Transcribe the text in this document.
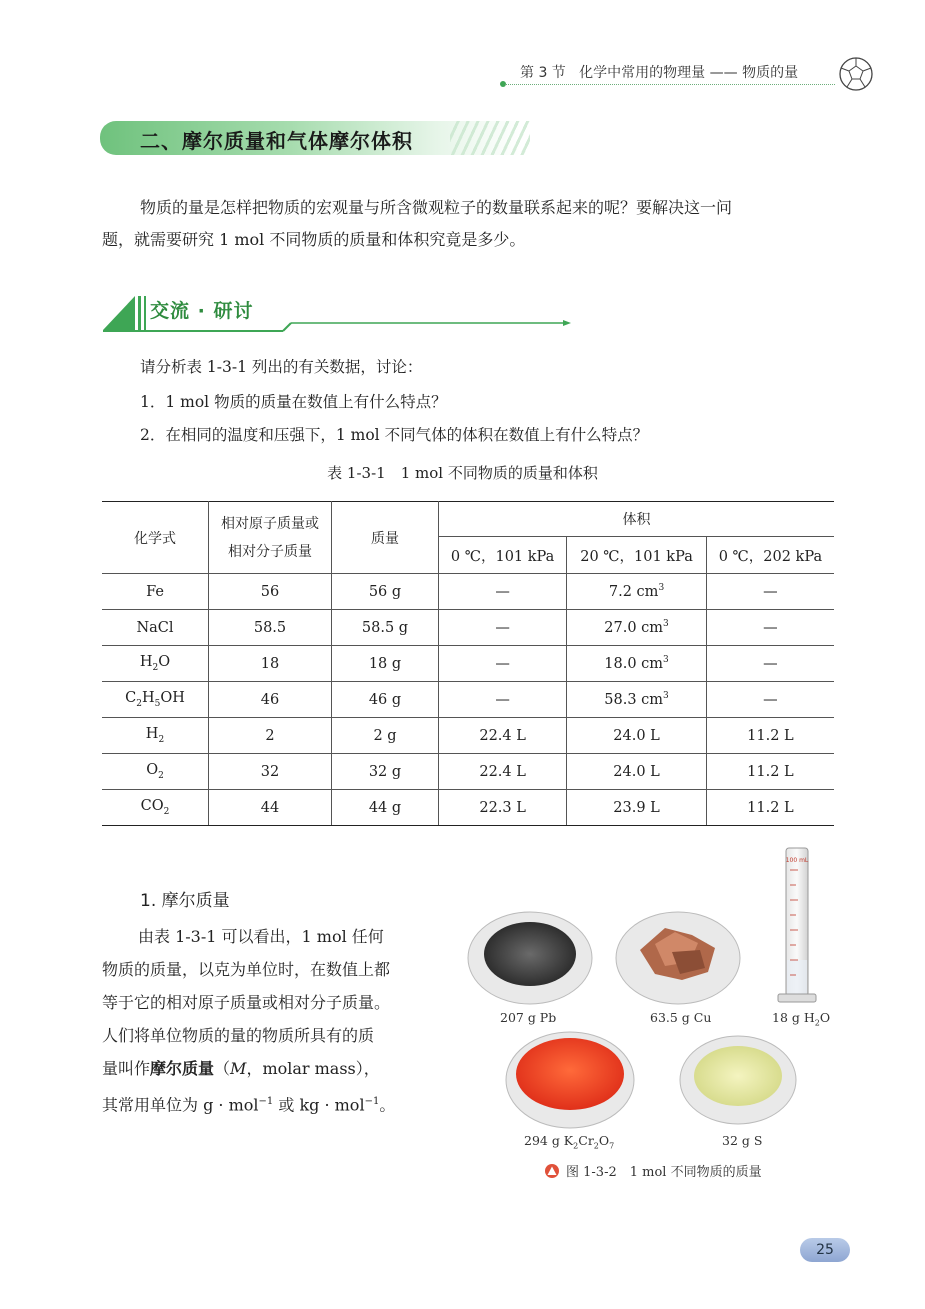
第 3 节 化学中常用的物理量 —— 物质的量
二、摩尔质量和气体摩尔体积

物质的量是怎样把物质的宏观量与所含微观粒子的数量联系起来的呢？要解决这一问

题，就需要研究 1 mol 不同物质的质量和体积究竟是多少。

交流 · 研讨
请分析表 1-3-1 列出的有关数据，讨论：
1．1 mol 物质的质量在数值上有什么特点？
2．在相同的温度和压强下，1 mol 不同气体的体积在数值上有什么特点？
表 1-3-1　1 mol 不同物质的质量和体积
化学式	相对原子质量或
相对分子质量	质量	体积		
			0 ℃，101 kPa	20 ℃，101 kPa	0 ℃，202 kPa
Fe	56	56 g	—	7.2 $cm^3$	—
NaCl	58.5	58.5 g	—	27.0 $cm^3$	—
$H_2O$	18	18 g	—	18.0 $cm^3$	—
$C_2H_5OH$	46	46 g	—	58.3 $cm^3$	—
$H_2$	2	2 g	22.4 L	24.0 L	11.2 L
$O_2$	32	32 g	22.4 L	24.0 L	11.2 L
$CO_2$	44	44 g	22.3 L	23.9 L	11.2 L
1. 摩尔质量

由表 1-3-1 可以看出，1 mol 任何

物质的质量，以克为单位时，在数值上都

等于它的相对原子质量或相对分子质量。

人们将单位物质的量的物质所具有的质

量叫作摩尔质量（M，molar mass），

其常用单位为 g · mol$^{-1}$ 或 kg · mol$^{-1}$。

100 mL
207 g Pb	63.5 g Cu	18 g $H_2O$
294 g $K_2Cr_2O_7$	32 g S
图 1-3-2　1 mol 不同物质的质量
25
